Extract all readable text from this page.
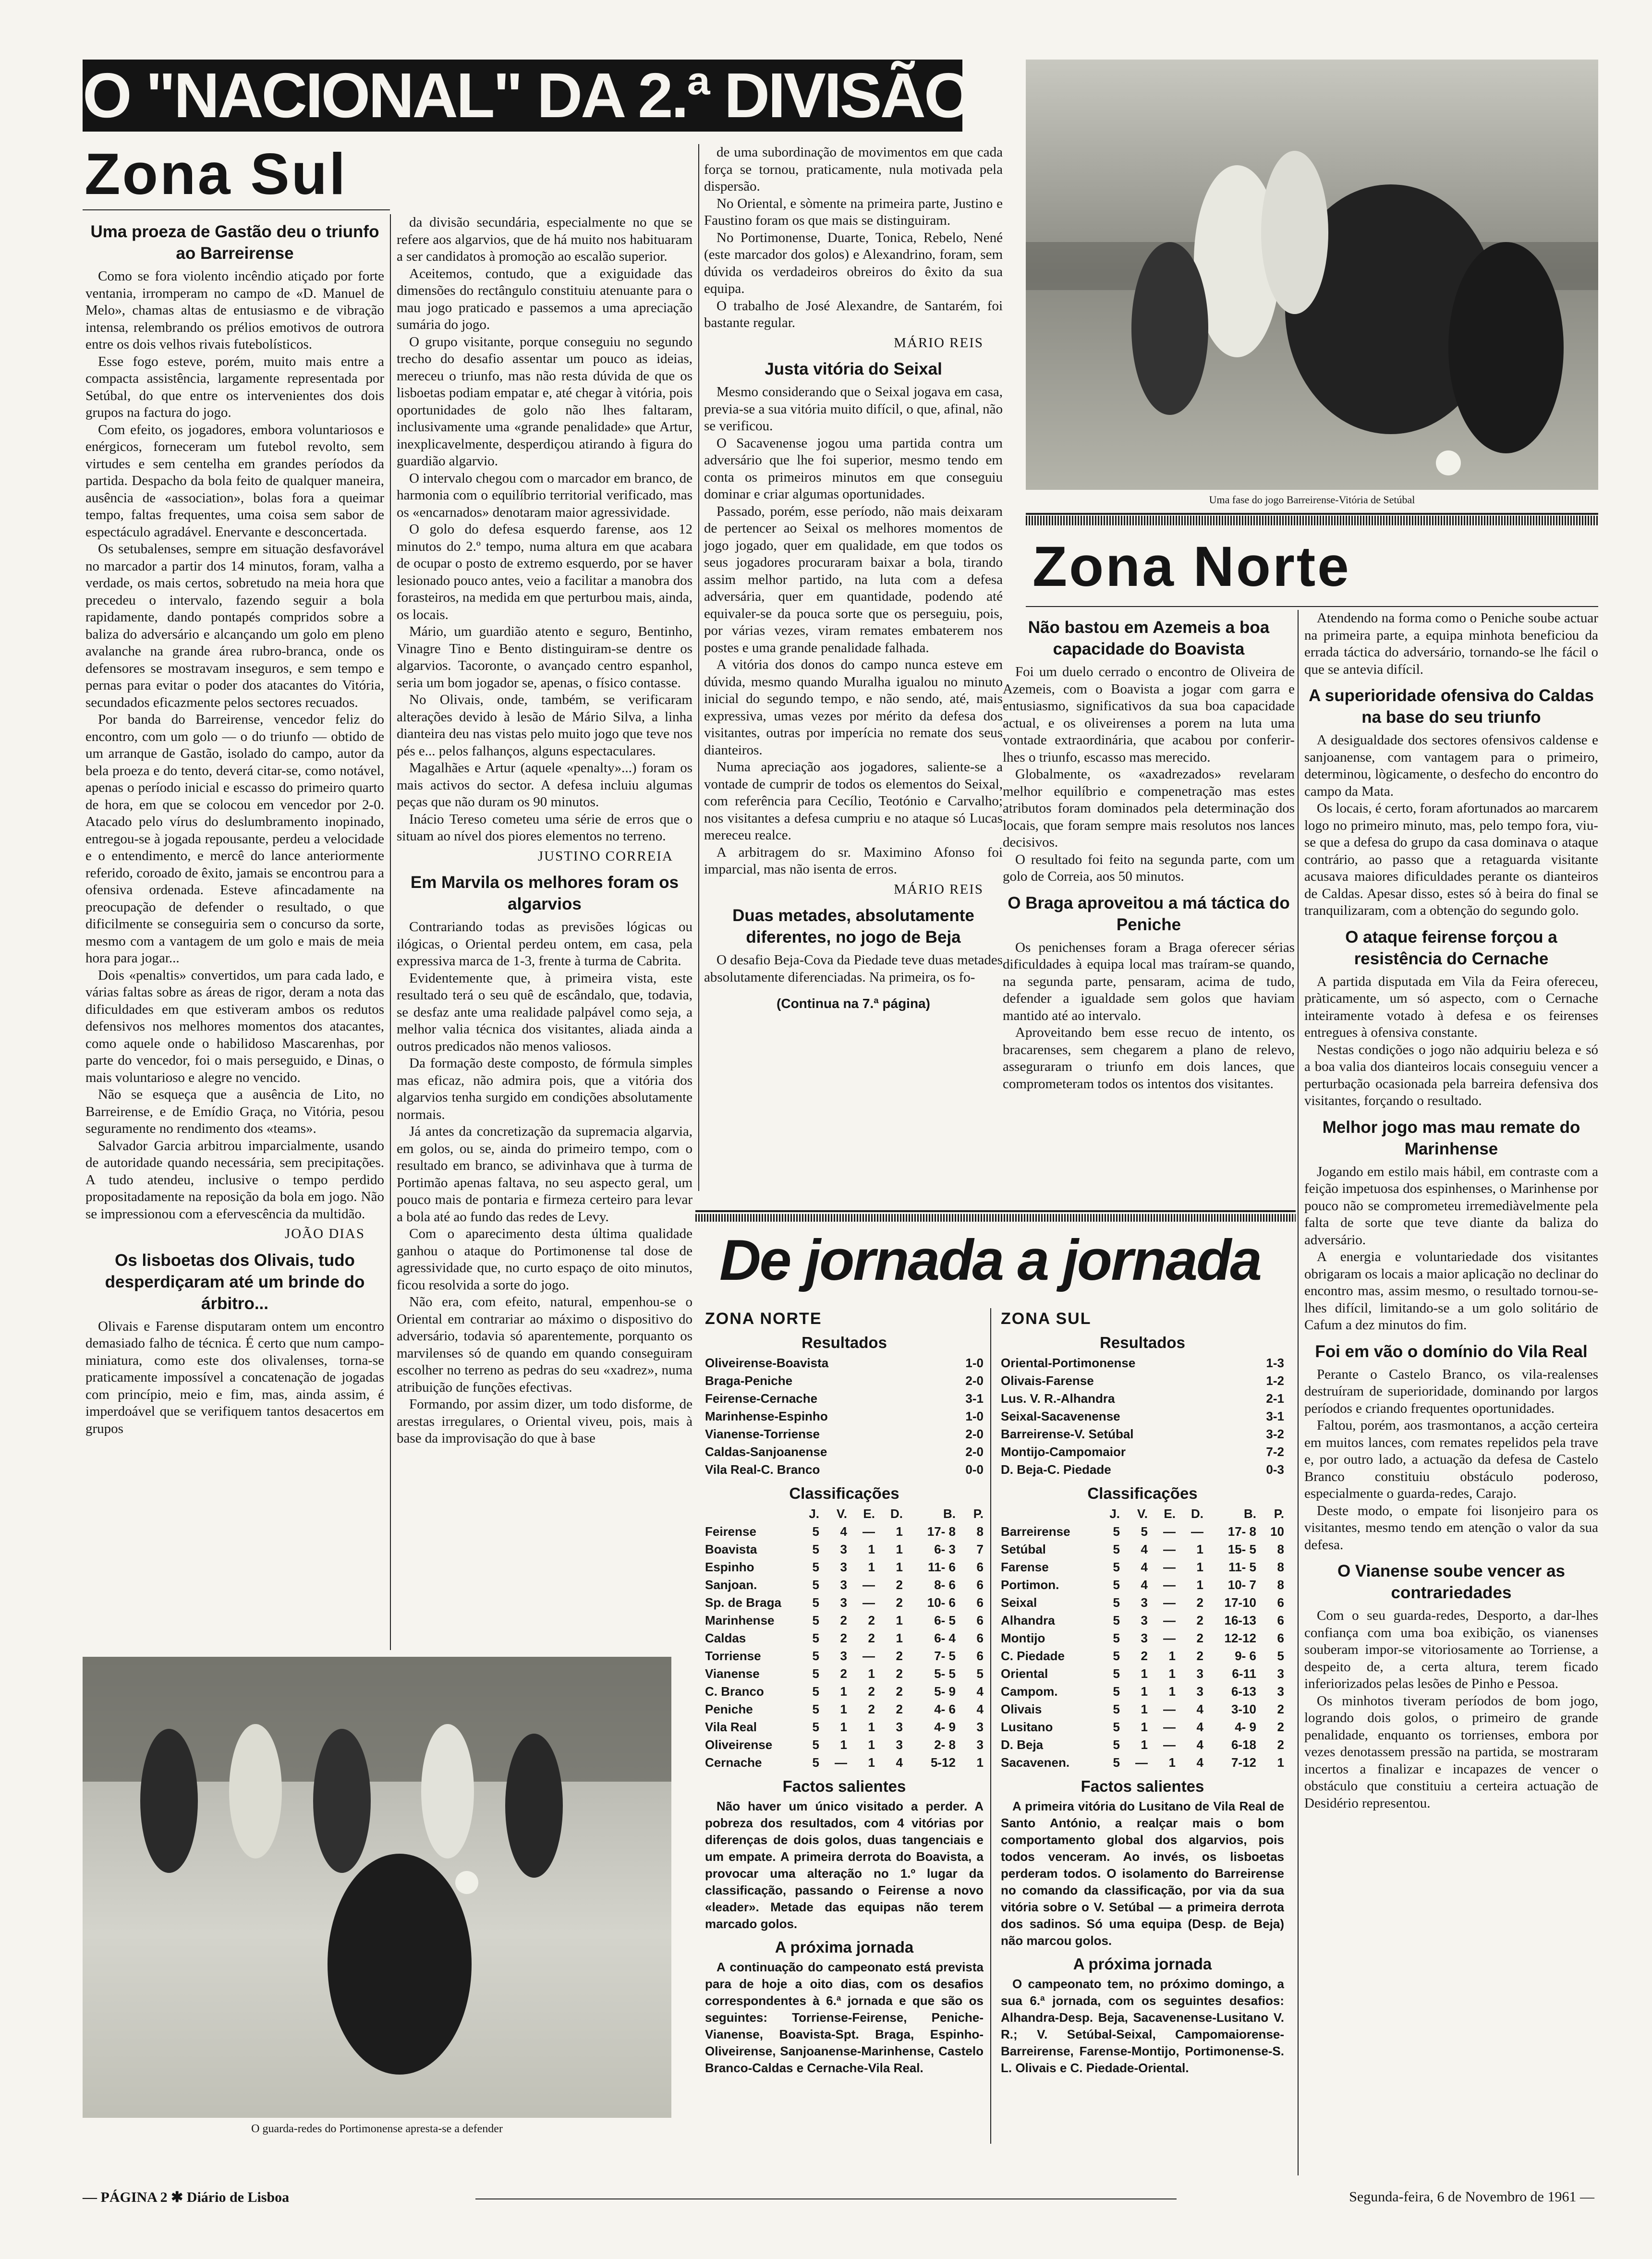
O "NACIONAL" DA 2.ª DIVISÃO
Zona Sul
Uma fase do jogo Barreirense-Vitória de Setúbal
Zona Norte
Uma proeza de Gastão deu o triunfo ao Barreirense

Como se fora violento incêndio atiçado por forte ventania, irromperam no campo de «D. Manuel de Melo», chamas altas de entusiasmo e de vibração intensa, relembrando os prélios emotivos de outrora entre os dois velhos rivais futebolísticos.

Esse fogo esteve, porém, muito mais entre a compacta assistência, largamente representada por Setúbal, do que entre os intervenientes dos dois grupos na factura do jogo.

Com efeito, os jogadores, embora voluntariosos e enérgicos, forneceram um futebol revolto, sem virtudes e sem centelha em grandes períodos da partida. Despacho da bola feito de qualquer maneira, ausência de «association», bolas fora a queimar tempo, faltas frequentes, uma coisa sem sabor de espectáculo agradável. Enervante e desconcertada.

Os setubalenses, sempre em situação desfavorável no marcador a partir dos 14 minutos, foram, valha a verdade, os mais certos, sobretudo na meia hora que precedeu o intervalo, fazendo seguir a bola rapidamente, dando pontapés compridos sobre a baliza do adversário e alcançando um golo em pleno avalanche na grande área rubro-branca, onde os defensores se mostravam inseguros, e sem tempo e pernas para evitar o poder dos atacantes do Vitória, secundados eficazmente pelos sectores recuados.

Por banda do Barreirense, vencedor feliz do encontro, com um golo — o do triunfo — obtido de um arranque de Gastão, isolado do campo, autor da bela proeza e do tento, deverá citar-se, como notável, apenas o período inicial e escasso do primeiro quarto de hora, em que se colocou em vencedor por 2-0. Atacado pelo vírus do deslumbramento inopinado, entregou-se à jogada repousante, perdeu a velocidade e o entendimento, e mercê do lance anteriormente referido, coroado de êxito, jamais se encontrou para a ofensiva ordenada. Esteve afincadamente na preocupação de defender o resultado, o que dificilmente se conseguiria sem o concurso da sorte, mesmo com a vantagem de um golo e mais de meia hora para jogar...

Dois «penaltis» convertidos, um para cada lado, e várias faltas sobre as áreas de rigor, deram a nota das dificuldades em que estiveram ambos os redutos defensivos nos melhores momentos dos atacantes, como aquele onde o habilidoso Mascarenhas, por parte do vencedor, foi o mais perseguido, e Dinas, o mais voluntarioso e alegre no vencido.

Não se esqueça que a ausência de Lito, no Barreirense, e de Emídio Graça, no Vitória, pesou seguramente no rendimento dos «teams».

Salvador Garcia arbitrou imparcialmente, usando de autoridade quando necessária, sem precipitações. A tudo atendeu, inclusive o tempo perdido propositadamente na reposição da bola em jogo. Não se impressionou com a efervescência da multidão.

JOÃO DIAS

Os lisboetas dos Olivais, tudo desperdiçaram até um brinde do árbitro...

Olivais e Farense disputaram ontem um encontro demasiado falho de técnica. É certo que num campo-miniatura, como este dos olivalenses, torna-se praticamente impossível a concatenação de jogadas com princípio, meio e fim, mas, ainda assim, é imperdoável que se verifiquem tantos desacertos em grupos

da divisão secundária, especialmente no que se refere aos algarvios, que de há muito nos habituaram a ser candidatos à promoção ao escalão superior.

Aceitemos, contudo, que a exiguidade das dimensões do rectângulo constituiu atenuante para o mau jogo praticado e passemos a uma apreciação sumária do jogo.

O grupo visitante, porque conseguiu no segundo trecho do desafio assentar um pouco as ideias, mereceu o triunfo, mas não resta dúvida de que os lisboetas podiam empatar e, até chegar à vitória, pois oportunidades de golo não lhes faltaram, inclusivamente uma «grande penalidade» que Artur, inexplicavelmente, desperdiçou atirando à figura do guardião algarvio.

O intervalo chegou com o marcador em branco, de harmonia com o equilíbrio territorial verificado, mas os «encarnados» denotaram maior agressividade.

O golo do defesa esquerdo farense, aos 12 minutos do 2.º tempo, numa altura em que acabara de ocupar o posto de extremo esquerdo, por se haver lesionado pouco antes, veio a facilitar a manobra dos forasteiros, na medida em que perturbou mais, ainda, os locais.

Mário, um guardião atento e seguro, Bentinho, Vinagre Tino e Bento distinguiram-se dentre os algarvios. Tacoronte, o avançado centro espanhol, seria um bom jogador se, apenas, o físico contasse.

No Olivais, onde, também, se verificaram alterações devido à lesão de Mário Silva, a linha dianteira deu nas vistas pelo muito jogo que teve nos pés e... pelos falhanços, alguns espectaculares.

Magalhães e Artur (aquele «penalty»...) foram os mais activos do sector. A defesa incluiu algumas peças que não duram os 90 minutos.

Inácio Tereso cometeu uma série de erros que o situam ao nível dos piores elementos no terreno.

JUSTINO CORREIA

Em Marvila os melhores foram os algarvios

Contrariando todas as previsões lógicas ou ilógicas, o Oriental perdeu ontem, em casa, pela expressiva marca de 1-3, frente à turma de Cabrita.

Evidentemente que, à primeira vista, este resultado terá o seu quê de escândalo, que, todavia, se desfaz ante uma realidade palpável como seja, a melhor valia técnica dos visitantes, aliada ainda a outros predicados não menos valiosos.

Da formação deste composto, de fórmula simples mas eficaz, não admira pois, que a vitória dos algarvios tenha surgido em condições absolutamente normais.

Já antes da concretização da supremacia algarvia, em golos, ou se, ainda do primeiro tempo, com o resultado em branco, se adivinhava que à turma de Portimão apenas faltava, no seu aspecto geral, um pouco mais de pontaria e firmeza certeiro para levar a bola até ao fundo das redes de Levy.

Com o aparecimento desta última qualidade ganhou o ataque do Portimonense tal dose de agressividade que, no curto espaço de oito minutos, ficou resolvida a sorte do jogo.

Não era, com efeito, natural, empenhou-se o Oriental em contrariar ao máximo o dispositivo do adversário, todavia só aparentemente, porquanto os marvilenses só de quando em quando conseguiram escolher no terreno as pedras do seu «xadrez», numa atribuição de funções efectivas.

Formando, por assim dizer, um todo disforme, de arestas irregulares, o Oriental viveu, pois, mais à base da improvisação do que à base

de uma subordinação de movimentos em que cada força se tornou, praticamente, nula motivada pela dispersão.

No Oriental, e sòmente na primeira parte, Justino e Faustino foram os que mais se distinguiram.

No Portimonense, Duarte, Tonica, Rebelo, Nené (este marcador dos golos) e Alexandrino, foram, sem dúvida os verdadeiros obreiros do êxito da sua equipa.

O trabalho de José Alexandre, de Santarém, foi bastante regular.

MÁRIO REIS

Justa vitória do Seixal

Mesmo considerando que o Seixal jogava em casa, previa-se a sua vitória muito difícil, o que, afinal, não se verificou.

O Sacavenense jogou uma partida contra um adversário que lhe foi superior, mesmo tendo em conta os primeiros minutos em que conseguiu dominar e criar algumas oportunidades.

Passado, porém, esse período, não mais deixaram de pertencer ao Seixal os melhores momentos de jogo jogado, quer em qualidade, em que todos os seus jogadores procuraram baixar a bola, tirando assim melhor partido, na luta com a defesa adversária, quer em quantidade, podendo até equivaler-se da pouca sorte que os perseguiu, pois, por várias vezes, viram remates embaterem nos postes e uma grande penalidade falhada.

A vitória dos donos do campo nunca esteve em dúvida, mesmo quando Muralha igualou no minuto inicial do segundo tempo, e não sendo, até, mais expressiva, umas vezes por mérito da defesa dos visitantes, outras por imperícia no remate dos seus dianteiros.

Numa apreciação aos jogadores, saliente-se a vontade de cumprir de todos os elementos do Seixal, com referência para Cecílio, Teotónio e Carvalho; nos visitantes a defesa cumpriu e no ataque só Lucas mereceu realce.

A arbitragem do sr. Maximino Afonso foi imparcial, mas não isenta de erros.

MÁRIO REIS

Duas metades, absolutamente diferentes, no jogo de Beja

O desafio Beja-Cova da Piedade teve duas metades absolutamente diferenciadas. Na primeira, os fo-

(Continua na 7.ª página)
Não bastou em Azemeis a boa capacidade do Boavista

Foi um duelo cerrado o encontro de Oliveira de Azemeis, com o Boavista a jogar com garra e entusiasmo, significativos da sua boa capacidade actual, e os oliveirenses a porem na luta uma vontade extraordinária, que acabou por conferir-lhes o triunfo, escasso mas merecido.

Globalmente, os «axadrezados» revelaram melhor equilíbrio e compenetração mas estes atributos foram dominados pela determinação dos locais, que foram sempre mais resolutos nos lances decisivos.

O resultado foi feito na segunda parte, com um golo de Correia, aos 50 minutos.

O Braga aproveitou a má táctica do Peniche

Os penichenses foram a Braga oferecer sérias dificuldades à equipa local mas traíram-se quando, na segunda parte, pensaram, acima de tudo, defender a igualdade sem golos que haviam mantido até ao intervalo.

Aproveitando bem esse recuo de intento, os bracarenses, sem chegarem a plano de relevo, asseguraram o triunfo em dois lances, que comprometeram todos os intentos dos visitantes.

Atendendo na forma como o Peniche soube actuar na primeira parte, a equipa minhota beneficiou da errada táctica do adversário, tornando-se lhe fácil o que se antevia difícil.

A superioridade ofensiva do Caldas na base do seu triunfo

A desigualdade dos sectores ofensivos caldense e sanjoanense, com vantagem para o primeiro, determinou, lògicamente, o desfecho do encontro do campo da Mata.

Os locais, é certo, foram afortunados ao marcarem logo no primeiro minuto, mas, pelo tempo fora, viu-se que a defesa do grupo da casa dominava o ataque contrário, ao passo que a retaguarda visitante acusava maiores dificuldades perante os dianteiros de Caldas. Apesar disso, estes só à beira do final se tranquilizaram, com a obtenção do segundo golo.

O ataque feirense forçou a resistência do Cernache

A partida disputada em Vila da Feira ofereceu, pràticamente, um só aspecto, com o Cernache inteiramente votado à defesa e os feirenses entregues à ofensiva constante.

Nestas condições o jogo não adquiriu beleza e só a boa valia dos dianteiros locais conseguiu vencer a perturbação ocasionada pela barreira defensiva dos visitantes, forçando o resultado.

Melhor jogo mas mau remate do Marinhense

Jogando em estilo mais hábil, em contraste com a feição impetuosa dos espinhenses, o Marinhense por pouco não se comprometeu irremediàvelmente pela falta de sorte que teve diante da baliza do adversário.

A energia e voluntariedade dos visitantes obrigaram os locais a maior aplicação no declinar do encontro mas, assim mesmo, o resultado tornou-se-lhes difícil, limitando-se a um golo solitário de Cafum a dez minutos do fim.

Foi em vão o domínio do Vila Real

Perante o Castelo Branco, os vila-realenses destruíram de superioridade, dominando por largos períodos e criando frequentes oportunidades.

Faltou, porém, aos trasmontanos, a acção certeira em muitos lances, com remates repelidos pela trave e, por outro lado, a actuação da defesa de Castelo Branco constituiu obstáculo poderoso, especialmente o guarda-redes, Carajo.

Deste modo, o empate foi lisonjeiro para os visitantes, mesmo tendo em atenção o valor da sua defesa.

O Vianense soube vencer as contrariedades

Com o seu guarda-redes, Desporto, a dar-lhes confiança com uma boa exibição, os vianenses souberam impor-se vitoriosamente ao Torriense, a despeito de, a certa altura, terem ficado inferiorizados pelas lesões de Pinho e Pessoa.

Os minhotos tiveram períodos de bom jogo, logrando dois golos, o primeiro de grande penalidade, enquanto os torrienses, embora por vezes denotassem pressão na partida, se mostraram incertos a finalizar e incapazes de vencer o obstáculo que constituiu a certeira actuação de Desidério representou.

O guarda-redes do Portimonense apresta-se a defender
De jornada a jornada
ZONA NORTE
Resultados
Oliveirense-Boavista	1-0
Braga-Peniche	2-0
Feirense-Cernache	3-1
Marinhense-Espinho	1-0
Vianense-Torriense	2-0
Caldas-Sanjoanense	2-0
Vila Real-C. Branco	0-0
Classificações
	J.	V.	E.	D.	B.	P.
Feirense	5	4	—	1	17- 8	8
Boavista	5	3	1	1	6- 3	7
Espinho	5	3	1	1	11- 6	6
Sanjoan.	5	3	—	2	8- 6	6
Sp. de Braga	5	3	—	2	10- 6	6
Marinhense	5	2	2	1	6- 5	6
Caldas	5	2	2	1	6- 4	6
Torriense	5	3	—	2	7- 5	6
Vianense	5	2	1	2	5- 5	5
C. Branco	5	1	2	2	5- 9	4
Peniche	5	1	2	2	4- 6	4
Vila Real	5	1	1	3	4- 9	3
Oliveirense	5	1	1	3	2- 8	3
Cernache	5	—	1	4	5-12	1
Factos salientes

Não haver um único visitado a perder. A pobreza dos resultados, com 4 vitórias por diferenças de dois golos, duas tangenciais e um empate. A primeira derrota do Boavista, a provocar uma alteração no 1.º lugar da classificação, passando o Feirense a novo «leader». Metade das equipas não terem marcado golos.

A próxima jornada

A continuação do campeonato está prevista para de hoje a oito dias, com os desafios correspondentes à 6.ª jornada e que são os seguintes: Torriense-Feirense, Peniche-Vianense, Boavista-Spt. Braga, Espinho-Oliveirense, Sanjoanense-Marinhense, Castelo Branco-Caldas e Cernache-Vila Real.

ZONA SUL
Resultados
Oriental-Portimonense	1-3
Olivais-Farense	1-2
Lus. V. R.-Alhandra	2-1
Seixal-Sacavenense	3-1
Barreirense-V. Setúbal	3-2
Montijo-Campomaior	7-2
D. Beja-C. Piedade	0-3
Classificações
	J.	V.	E.	D.	B.	P.
Barreirense	5	5	—	—	17- 8	10
Setúbal	5	4	—	1	15- 5	8
Farense	5	4	—	1	11- 5	8
Portimon.	5	4	—	1	10- 7	8
Seixal	5	3	—	2	17-10	6
Alhandra	5	3	—	2	16-13	6
Montijo	5	3	—	2	12-12	6
C. Piedade	5	2	1	2	9- 6	5
Oriental	5	1	1	3	6-11	3
Campom.	5	1	1	3	6-13	3
Olivais	5	1	—	4	3-10	2
Lusitano	5	1	—	4	4- 9	2
D. Beja	5	1	—	4	6-18	2
Sacavenen.	5	—	1	4	7-12	1
Factos salientes

A primeira vitória do Lusitano de Vila Real de Santo António, a realçar mais o bom comportamento global dos algarvios, pois todos venceram. Ao invés, os lisboetas perderam todos. O isolamento do Barreirense no comando da classificação, por via da sua vitória sobre o V. Setúbal — a primeira derrota dos sadinos. Só uma equipa (Desp. de Beja) não marcou golos.

A próxima jornada

O campeonato tem, no próximo domingo, a sua 6.ª jornada, com os seguintes desafios: Alhandra-Desp. Beja, Sacavenense-Lusitano V. R.; V. Setúbal-Seixal, Campomaiorense-Barreirense, Farense-Montijo, Portimonense-S. L. Olivais e C. Piedade-Oriental.

— PÁGINA 2 ✱ Diário de Lisboa	Segunda-feira, 6 de Novembro de 1961 —
